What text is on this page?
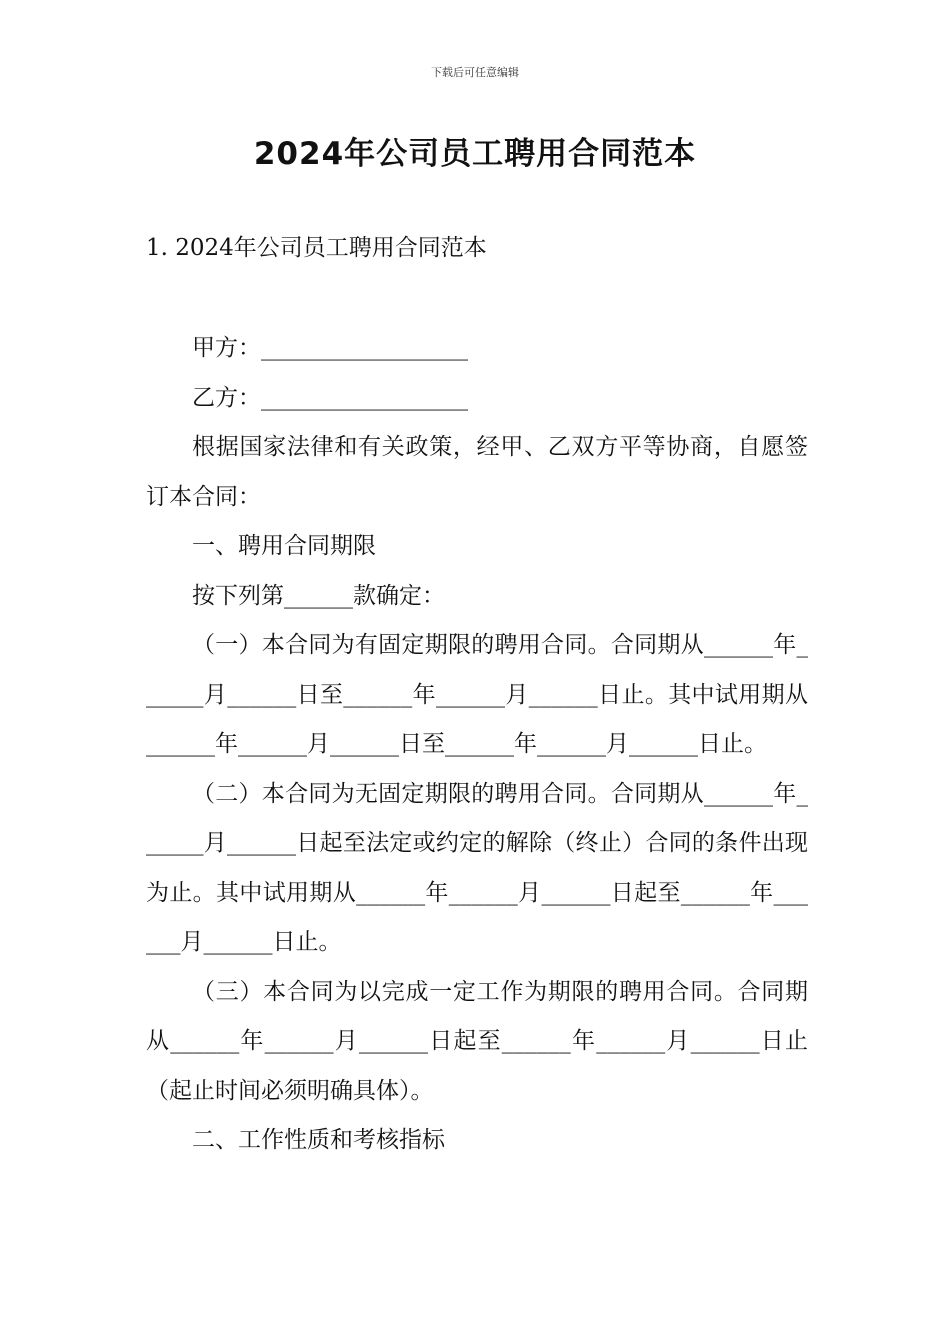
下载后可任意编辑
2024年公司员工聘用合同范本
1. 2024年公司员工聘用合同范本

甲方：__________________

乙方：__________________

根据国家法律和有关政策，经甲、乙双方平等协商，自愿签订本合同：

一、聘用合同期限

按下列第______款确定：

（一）本合同为有固定期限的聘用合同。合同期从______年______月______日至______年______月______日止。其中试用期从______年______月______日至______年______月______日止。

（二）本合同为无固定期限的聘用合同。合同期从______年______月______日起至法定或约定的解除（终止）合同的条件出现为止。其中试用期从______年______月______日起至______年______月______日止。

（三）本合同为以完成一定工作为期限的聘用合同。合同期从______年______月______日起至______年______月______日止（起止时间必须明确具体）。

二、工作性质和考核指标
